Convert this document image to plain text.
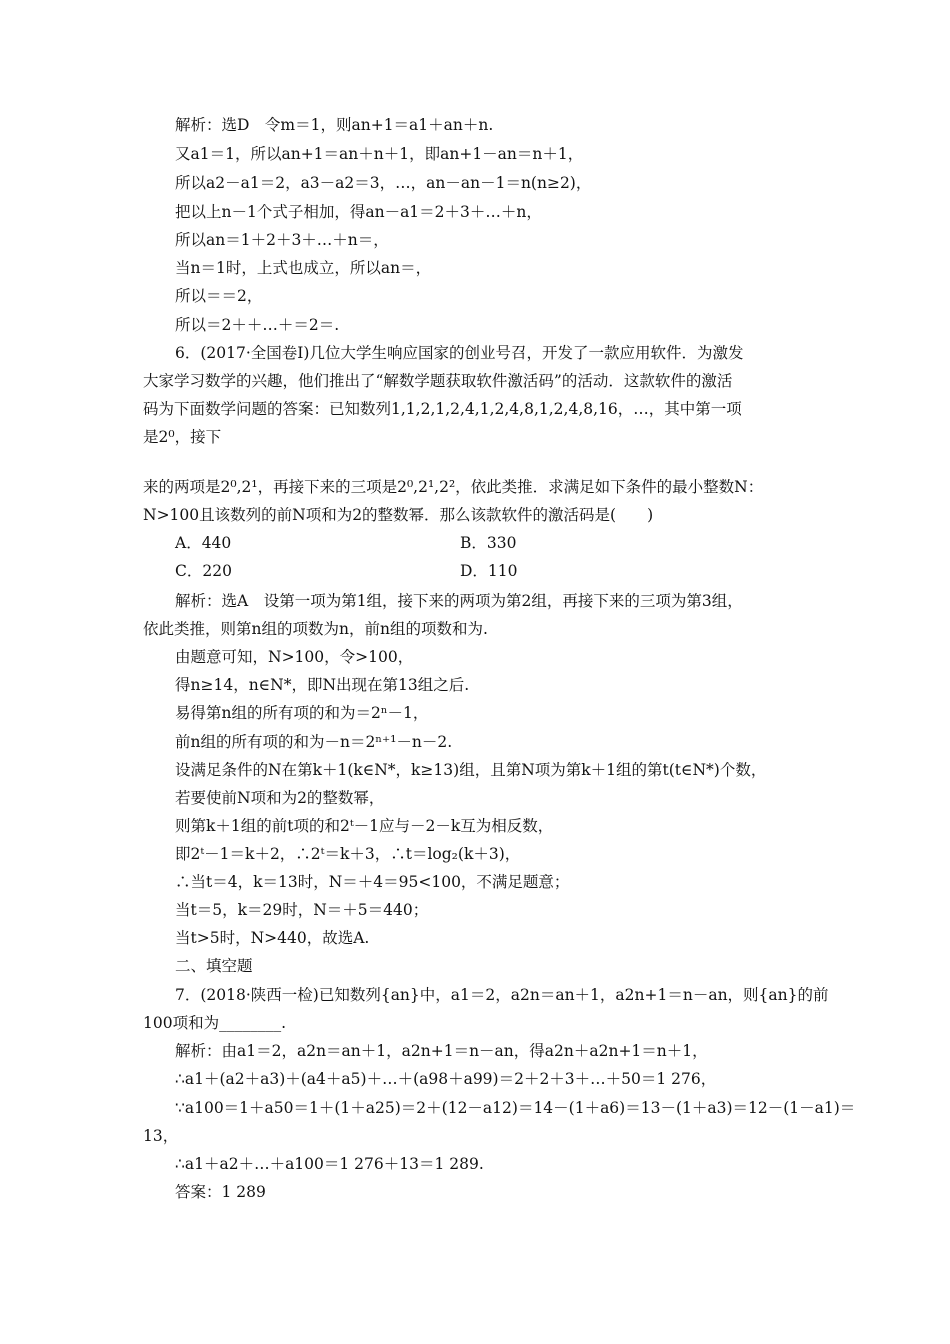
解析：选D　令m＝1，则an+1＝a1＋an＋n.
又a1＝1，所以an+1＝an＋n＋1，即an+1－an＝n＋1，
所以a2－a1＝2，a3－a2＝3，…，an－an－1＝n(n≥2)，
把以上n－1个式子相加，得an－a1＝2＋3＋…＋n，
所以an＝1＋2＋3＋…＋n＝，
当n＝1时，上式也成立，所以an＝，
所以＝＝2，
所以＝2＋＋…＋＝2＝.
6．(2017·全国卷Ⅰ)几位大学生响应国家的创业号召，开发了一款应用软件．为激发
大家学习数学的兴趣，他们推出了“解数学题获取软件激活码”的活动．这款软件的激活
码为下面数学问题的答案：已知数列1,1,2,1,2,4,1,2,4,8,1,2,4,8,16，…，其中第一项
是2⁰，接下
来的两项是2⁰,2¹，再接下来的三项是2⁰,2¹,2²，依此类推．求满足如下条件的最小整数N：
N>100且该数列的前N项和为2的整数幂．那么该款软件的激活码是(　　)
解析：选A　设第一项为第1组，接下来的两项为第2组，再接下来的三项为第3组，
依此类推，则第n组的项数为n，前n组的项数和为.
由题意可知，N>100，令>100，
得n≥14，n∈N*，即N出现在第13组之后.
易得第n组的所有项的和为＝2ⁿ－1，
前n组的所有项的和为－n＝2ⁿ⁺¹－n－2.
设满足条件的N在第k＋1(k∈N*，k≥13)组，且第N项为第k＋1组的第t(t∈N*)个数，
若要使前N项和为2的整数幂，
则第k＋1组的前t项的和2ᵗ－1应与－2－k互为相反数，
即2ᵗ－1＝k＋2，∴2ᵗ＝k＋3，∴t＝log₂(k＋3)，
∴当t＝4，k＝13时，N＝＋4＝95<100，不满足题意；
当t＝5，k＝29时，N＝＋5＝440；
当t>5时，N>440，故选A.
二、填空题
7．(2018·陕西一检)已知数列{an}中，a1＝2，a2n＝an＋1，a2n+1＝n－an，则{an}的前
100项和为________.
解析：由a1＝2，a2n＝an＋1，a2n+1＝n－an，得a2n＋a2n+1＝n＋1，
∴a1＋(a2＋a3)＋(a4＋a5)＋…＋(a98＋a99)＝2＋2＋3＋…＋50＝1 276，
∵a100＝1＋a50＝1＋(1＋a25)＝2＋(12－a12)＝14－(1＋a6)＝13－(1＋a3)＝12－(1－a1)＝
13，
∴a1＋a2＋…＋a100＝1 276＋13＝1 289.
答案：1 289
A．440	B．330
C．220	D．110
